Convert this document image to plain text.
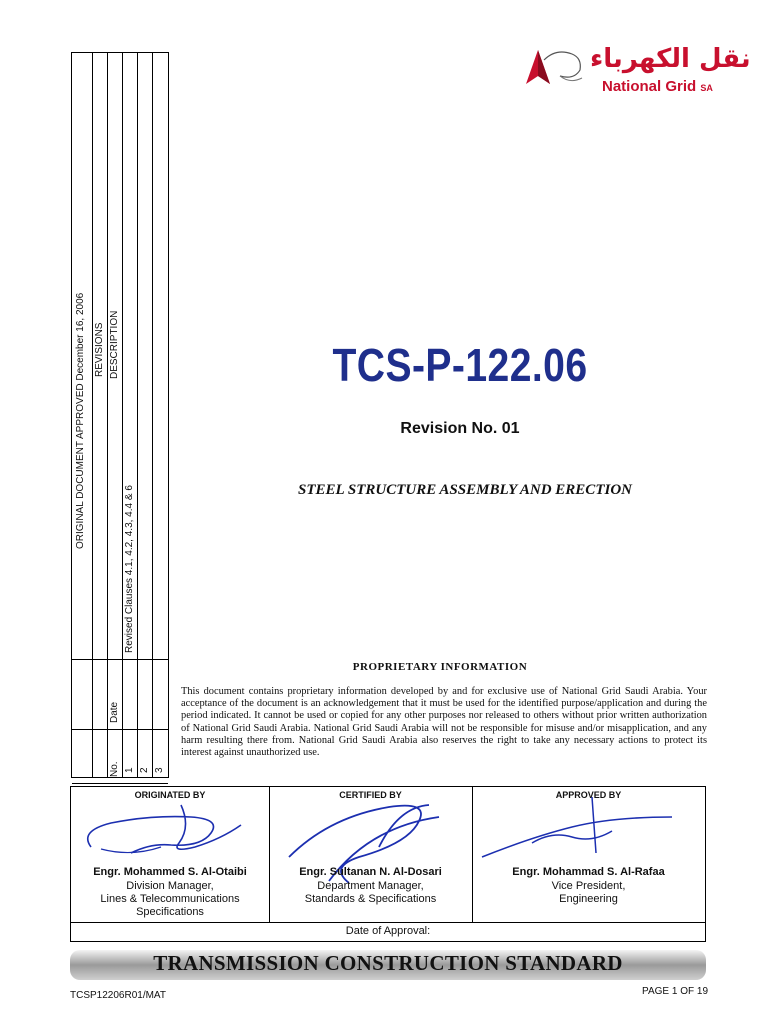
نقل الكهرباء
National Grid SA
ORIGINAL DOCUMENT APPROVED December 16, 2006 REVISIONS DESCRIPTION
Revised Clauses 4.1, 4.2, 4.3, 4.4 & 6
Date
No. 1 2 3
TCS-P-122.06
Revision No. 01
STEEL STRUCTURE ASSEMBLY AND ERECTION
PROPRIETARY INFORMATION
This document contains proprietary information developed by and for exclusive use of National Grid Saudi Arabia. Your acceptance of the document is an acknowledgement that it must be used for the identified purpose/application and during the period indicated. It cannot be used or copied for any other purposes nor released to others without prior written authorization of National Grid Saudi Arabia. National Grid Saudi Arabia will not be responsible for misuse and/or misapplication, and any harm resulting there from. National Grid Saudi Arabia also reserves the right to take any necessary actions to protect its interest against unauthorized use.
ORIGINATED BY
Engr. Mohammed S. Al-Otaibi
Division Manager,
Lines & Telecommunications
Specifications
CERTIFIED BY
Engr. Sultanan N. Al-Dosari
Department Manager,
Standards & Specifications
APPROVED BY
Engr. Mohammad S. Al-Rafaa
Vice President,
Engineering
Date of Approval:
TRANSMISSION CONSTRUCTION STANDARD
TCSP12206R01/MAT	PAGE 1 OF 19
